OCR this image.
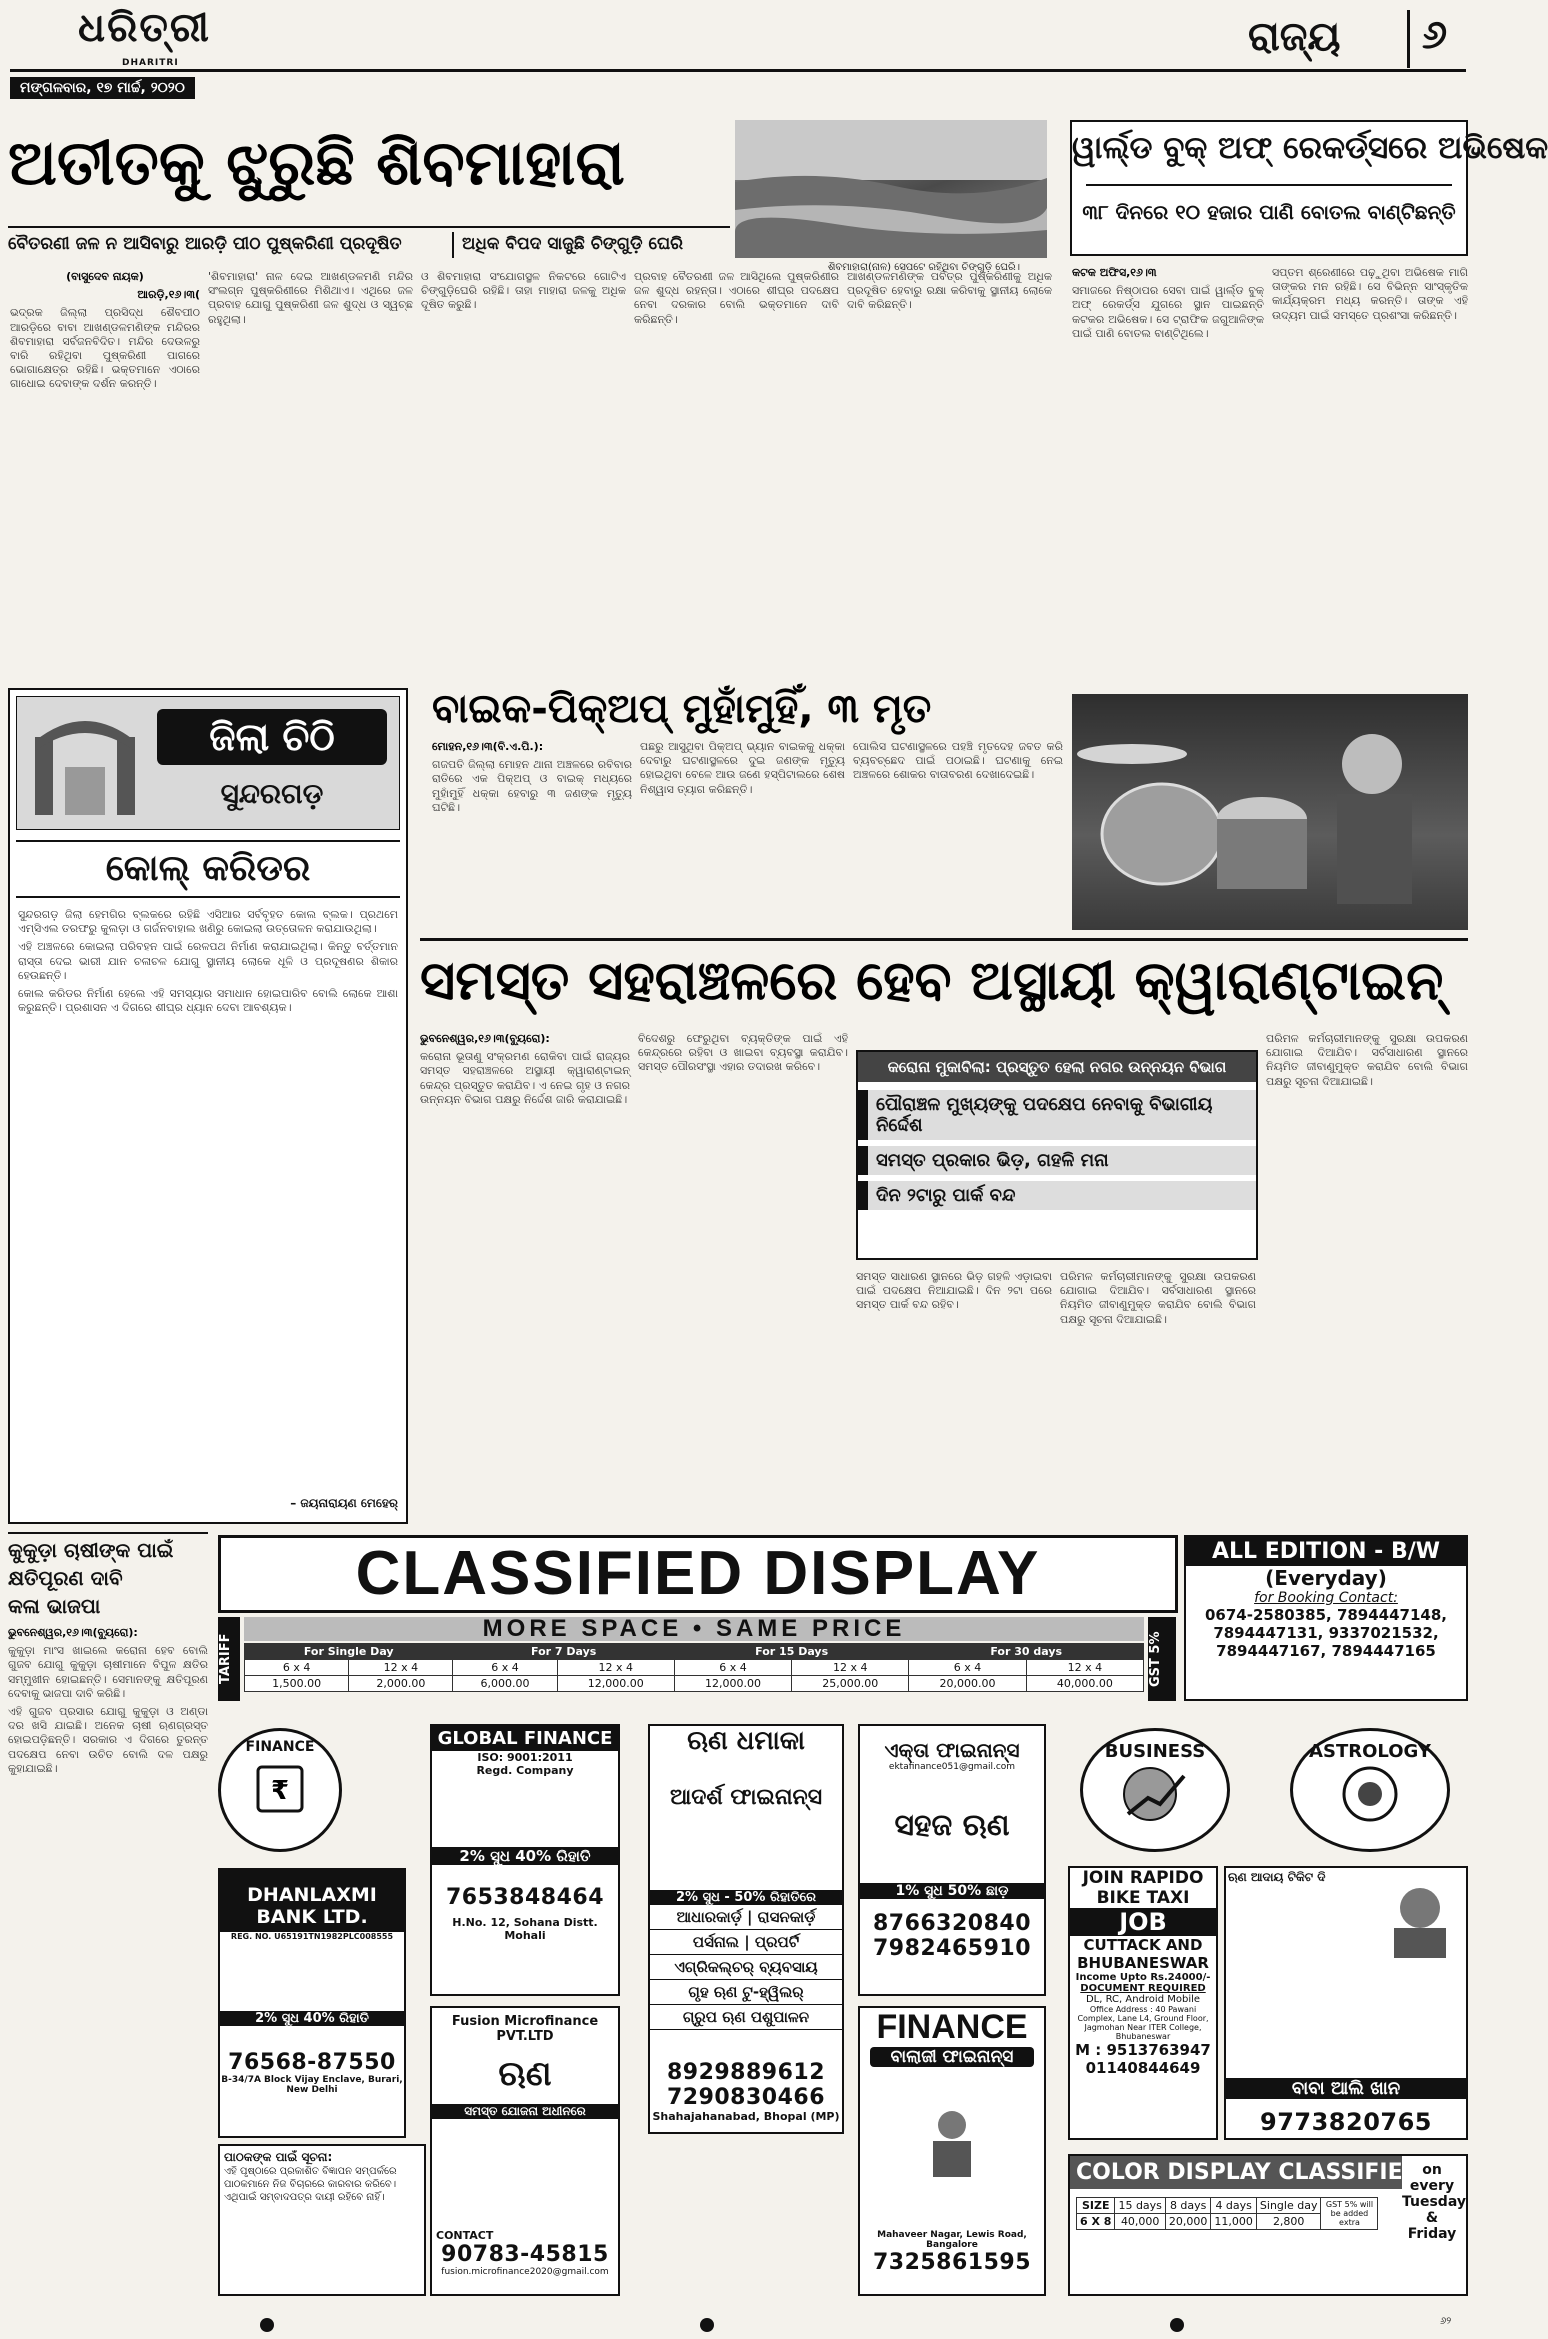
ଧରିତ୍ରୀ
DHARITRI
ମଙ୍ଗଳବାର, ୧୭ ମାର୍ଚ୍ଚ, ୨୦୨୦
ରାଜ୍ୟ ୬
ଅତୀତକୁ ଝୁରୁଛି ଶିବମାହାରା
ଶିବମାହାରା(ନାଳ) ସେପଟେ ରହିଥିବା ଚିଙ୍ଗୁଡ଼ି ଘେରି।
ବୈତରଣୀ ଜଳ ନ ଆସିବାରୁ ଆରଡ଼ି ପୀଠ ପୁଷ୍କରିଣୀ ପ୍ରଦୂଷିତ	ଅଧିକ ବିପଦ ସାଜୁଛି ଚିଙ୍ଗୁଡ଼ି ଘେରି

(ବାସୁଦେବ ନାୟକ)

ଆରଡ଼ି,୧୬।୩(

ଭଦ୍ରକ ଜିଲ୍ଲା ପ୍ରସିଦ୍ଧ ଶୈବପୀଠ ଆରଡ଼ିରେ ବାବା ଆଖଣ୍ଡଳମଣିଙ୍କ ମନ୍ଦିରର ଶିବମାହାରା ସର୍ବଜନବିଦିତ। ମନ୍ଦିର ଦେଉଳରୁ ବାରି ରହିଥିବା ପୁଷ୍କରିଣୀ ପାଗରେ ଭୋଗାକ୍ଷେତ୍ର ରହିଛି। ଭକ୍ତମାନେ ଏଠାରେ ଗାଧୋଇ ଦେବାଙ୍କ ଦର୍ଶନ କରନ୍ତି।

'ଶିବମାହାରା' ନାଳ ଦେଇ ଆଖଣ୍ଡଳମଣି ମନ୍ଦିର ସଂଲଗ୍ନ ପୁଷ୍କରିଣୀରେ ମିଶିଥାଏ। ଏଥିରେ ଜଳ ପ୍ରବାହ ଯୋଗୁ ପୁଷ୍କରିଣୀ ଜଳ ଶୁଦ୍ଧ ଓ ସ୍ୱଚ୍ଛ ରହୁଥିଲା।

ଓ ଶିବମାହାରା ସଂଯୋଗସ୍ଥଳ ନିକଟରେ ଗୋଟିଏ ଚିଙ୍ଗୁଡ଼ିଘେରି ରହିଛି। ତାହା ମାହାରା ଜଳକୁ ଅଧିକ ଦୂଷିତ କରୁଛି।

ପ୍ରବାହ ବୈତରଣୀ ଜଳ ଆସିଥିଲେ ପୁଷ୍କରିଣୀର ଜଳ ଶୁଦ୍ଧ ରହନ୍ତା। ଏଠାରେ ଶୀଘ୍ର ପଦକ୍ଷେପ ନେବା ଦରକାର ବୋଲି ଭକ୍ତମାନେ ଦାବି କରିଛନ୍ତି।

ଆଖଣ୍ଡଳମଣିଙ୍କ ପବିତ୍ର ପୁଷ୍କରିଣୀକୁ ଅଧିକ ପ୍ରଦୂଷିତ ହେବାରୁ ରକ୍ଷା କରିବାକୁ ସ୍ଥାନୀୟ ଲୋକେ ଦାବି କରିଛନ୍ତି।

ୱାର୍ଲ୍ଡ ବୁକ୍ ଅଫ୍ ରେକର୍ଡ୍ସରେ ଅଭିଷେକ
୩୮ ଦିନରେ ୧୦ ହଜାର ପାଣି ବୋତଲ ବାଣ୍ଟିଛନ୍ତି

କଟକ ଅଫିସ,୧୬।୩

ସମାଜରେ ନିଷ୍ଠାପର ସେବା ପାଇଁ ୱାର୍ଲ୍ଡ ବୁକ୍ ଅଫ୍ ରେକର୍ଡ୍ସ ଯୁଗରେ ସ୍ଥାନ ପାଇଛନ୍ତି କଟକର ଅଭିଷେକ। ସେ ଟ୍ରାଫିକ ଜଗୁଆଳିଙ୍କ ପାଇଁ ପାଣି ବୋତଲ ବାଣ୍ଟିଥିଲେ।

ସପ୍ତମ ଶ୍ରେଣୀରେ ପଢ଼ୁଥିବା ଅଭିଷେକ ମାଗି ତାଙ୍କର ମନ ରହିଛି। ସେ ବିଭିନ୍ନ ସାଂସ୍କୃତିକ କାର୍ଯ୍ୟକ୍ରମ ମଧ୍ୟ କରନ୍ତି। ତାଙ୍କ ଏହି ଉଦ୍ୟମ ପାଇଁ ସମସ୍ତେ ପ୍ରଶଂସା କରିଛନ୍ତି।

ବାଇକ-ପିକ୍‌ଅପ୍ ମୁହାଁମୁହିଁ, ୩ ମୃତ

ମୋହନ,୧୬।୩(ବି.ଏ.ପି.):

ଗଜପତି ଜିଲ୍ଲା ମୋହନ ଥାନା ଅଞ୍ଚଳରେ ରବିବାର ରାତିରେ ଏକ ପିକ୍‌ଅପ୍ ଓ ବାଇକ୍ ମଧ୍ୟରେ ମୁହାଁମୁହିଁ ଧକ୍କା ହେବାରୁ ୩ ଜଣଙ୍କ ମୃତ୍ୟୁ ଘଟିଛି।

ପଛରୁ ଆସୁଥିବା ପିକ୍‌ଅପ୍ ଭ୍ୟାନ ବାଇକକୁ ଧକ୍କା ଦେବାରୁ ଘଟଣାସ୍ଥଳରେ ଦୁଇ ଜଣଙ୍କ ମୃତ୍ୟୁ ହୋଇଥିବା ବେଳେ ଆଉ ଜଣେ ହସ୍ପିଟାଲରେ ଶେଷ ନିଶ୍ୱାସ ତ୍ୟାଗ କରିଛନ୍ତି।

ପୋଲିସ ଘଟଣାସ୍ଥଳରେ ପହଞ୍ଚି ମୃତଦେହ ଜବତ କରି ବ୍ୟବଚ୍ଛେଦ ପାଇଁ ପଠାଇଛି। ଘଟଣାକୁ ନେଇ ଅଞ୍ଚଳରେ ଶୋକର ବାତାବରଣ ଦେଖାଦେଇଛି।

ଜିଲା ଚିଠି
ସୁନ୍ଦରଗଡ଼
କୋଲ୍ କରିଡର

ସୁନ୍ଦରଗଡ଼ ଜିଲା ହେମଗିର ବ୍ଲକରେ ରହିଛି ଏସିଆର ସର୍ବବୃହତ କୋଲ ବ୍ଲକ। ପ୍ରଥମେ ଏମ୍‌ସିଏଲ ତରଫରୁ କୁଲଡ଼ା ଓ ଗର୍ଜନବାହାଲ ଖଣିରୁ କୋଇଲା ଉତ୍ତୋଳନ କରାଯାଉଥିଲା।

ଏହି ଅଞ୍ଚଳରେ କୋଇଲା ପରିବହନ ପାଇଁ ରେଳପଥ ନିର୍ମାଣ କରାଯାଇଥିଲା। କିନ୍ତୁ ବର୍ତ୍ତମାନ ରାସ୍ତା ଦେଇ ଭାରୀ ଯାନ ଚଳାଚଳ ଯୋଗୁ ସ୍ଥାନୀୟ ଲୋକେ ଧୂଳି ଓ ପ୍ରଦୂଷଣର ଶିକାର ହେଉଛନ୍ତି।

କୋଲ କରିଡର ନିର୍ମାଣ ହେଲେ ଏହି ସମସ୍ୟାର ସମାଧାନ ହୋଇପାରିବ ବୋଲି ଲୋକେ ଆଶା କରୁଛନ୍ତି। ପ୍ରଶାସନ ଏ ଦିଗରେ ଶୀଘ୍ର ଧ୍ୟାନ ଦେବା ଆବଶ୍ୟକ।

– ଜୟନାରାୟଣ ମେହେର୍
ସମସ୍ତ ସହରାଞ୍ଚଳରେ ହେବ ଅସ୍ଥାୟୀ କ୍ୱାରାଣ୍ଟାଇନ୍

ଭୁବନେଶ୍ୱର,୧୬।୩(ବ୍ୟୁରୋ):

କରୋନା ଭୂତାଣୁ ସଂକ୍ରମଣ ରୋକିବା ପାଇଁ ରାଜ୍ୟର ସମସ୍ତ ସହରାଞ୍ଚଳରେ ଅସ୍ଥାୟୀ କ୍ୱାରାଣ୍ଟାଇନ୍ କେନ୍ଦ୍ର ପ୍ରସ୍ତୁତ କରାଯିବ। ଏ ନେଇ ଗୃହ ଓ ନଗର ଉନ୍ନୟନ ବିଭାଗ ପକ୍ଷରୁ ନିର୍ଦ୍ଦେଶ ଜାରି କରାଯାଇଛି।

ବିଦେଶରୁ ଫେରୁଥିବା ବ୍ୟକ୍ତିଙ୍କ ପାଇଁ ଏହି କେନ୍ଦ୍ରରେ ରହିବା ଓ ଖାଇବା ବ୍ୟବସ୍ଥା କରାଯିବ। ସମସ୍ତ ପୌରସଂସ୍ଥା ଏହାର ତଦାରଖ କରିବେ।	କରୋନା ମୁକାବିଲା: ପ୍ରସ୍ତୁତ ହେଲା ନଗର ଉନ୍ନୟନ ବିଭାଗ
ପୌରାଞ୍ଚଳ ମୁଖ୍ୟଙ୍କୁ ପଦକ୍ଷେପ ନେବାକୁ ବିଭାଗୀୟ ନିର୍ଦ୍ଦେଶ
ସମସ୍ତ ପ୍ରକାର ଭିଡ଼, ଗହଳି ମନା
ଦିନ ୨ଟାରୁ ପାର୍କ ବନ୍ଦ

ସମସ୍ତ ସାଧାରଣ ସ୍ଥାନରେ ଭିଡ଼ ଗହଳି ଏଡ଼ାଇବା ପାଇଁ ପଦକ୍ଷେପ ନିଆଯାଇଛି। ଦିନ ୨ଟା ପରେ ସମସ୍ତ ପାର୍କ ବନ୍ଦ ରହିବ।

ପରିମଳ କର୍ମଚାରୀମାନଙ୍କୁ ସୁରକ୍ଷା ଉପକରଣ ଯୋଗାଇ ଦିଆଯିବ। ସର୍ବସାଧାରଣ ସ୍ଥାନରେ ନିୟମିତ ଜୀବାଣୁମୁକ୍ତ କରାଯିବ ବୋଲି ବିଭାଗ ପକ୍ଷରୁ ସୂଚନା ଦିଆଯାଇଛି।

ପରିମଳ କର୍ମଚାରୀମାନଙ୍କୁ ସୁରକ୍ଷା ଉପକରଣ ଯୋଗାଇ ଦିଆଯିବ। ସର୍ବସାଧାରଣ ସ୍ଥାନରେ ନିୟମିତ ଜୀବାଣୁମୁକ୍ତ କରାଯିବ ବୋଲି ବିଭାଗ ପକ୍ଷରୁ ସୂଚନା ଦିଆଯାଇଛି।

କୁକୁଡ଼ା ଚାଷୀଙ୍କ ପାଇଁ
କ୍ଷତିପୂରଣ ଦାବି
କଳା ଭାଜପା

ଭୁବନେଶ୍ୱର,୧୬।୩(ବ୍ୟୁରୋ):

କୁକୁଡ଼ା ମାଂସ ଖାଇଲେ କରୋନା ହେବ ବୋଲି ଗୁଜବ ଯୋଗୁ କୁକୁଡ଼ା ଚାଷୀମାନେ ବିପୁଳ କ୍ଷତିର ସମ୍ମୁଖୀନ ହୋଇଛନ୍ତି। ସେମାନଙ୍କୁ କ୍ଷତିପୂରଣ ଦେବାକୁ ଭାଜପା ଦାବି କରିଛି।

ଏହି ଗୁଜବ ପ୍ରସାର ଯୋଗୁ କୁକୁଡ଼ା ଓ ଅଣ୍ଡା ଦର ଖସି ଯାଇଛି। ଅନେକ ଚାଷୀ ଋଣଗ୍ରସ୍ତ ହୋଇପଡ଼ିଛନ୍ତି। ସରକାର ଏ ଦିଗରେ ତୁରନ୍ତ ପଦକ୍ଷେପ ନେବା ଉଚିତ ବୋଲି ଦଳ ପକ୍ଷରୁ କୁହାଯାଇଛି।

CLASSIFIED DISPLAY
TARIFF
MORE SPACE • SAME PRICE
GST 5%
For Single Day		For 7 Days		For 15 Days		For 30 days	
6 x 4	12 x 4	6 x 4	12 x 4	6 x 4	12 x 4	6 x 4	12 x 4
1,500.00	2,000.00	6,000.00	12,000.00	12,000.00	25,000.00	20,000.00	40,000.00
ALL EDITION - B/W
(Everyday)
for Booking Contact:
0674-2580385, 7894447148,
7894447131, 9337021532,
7894447167, 7894447165
FINANCE
₹
BUSINESS	ASTROLOGY
GLOBAL FINANCE
ISO: 9001:2011
Regd. Company
2% ସୁଧ 40% ରିହାତି
7653848464
H.No. 12, Sohana Distt. Mohali
ଋଣ ଧମାକା
ଆଦର୍ଶ ଫାଇନାନ୍ସ
2% ସୁଧ - 50% ରିହାତିରେ
ଆଧାରକାର୍ଡ଼ | ରାସନକାର୍ଡ଼
ପର୍ସନାଲ | ପ୍ରପର୍ଟି
ଏଗ୍ରିକଲ୍ଚର୍ ବ୍ୟବସାୟ
ଗୃହ ଋଣ ଟୁ-ହ୍ୱିଲର୍
ଗ୍ରୁପ ଋଣ ପଶୁପାଳନ
8929889612
7290830466
Shahajahanabad, Bhopal (MP)
ଏକ୍ତା ଫାଇନାନ୍ସ
ektafinance051@gmail.com
ସହଜ ଋଣ
1% ସୁଧ 50% ଛାଡ଼
8766320840
7982465910
DHANLAXMI BANK LTD.
REG. NO. U65191TN1982PLC008555
2% ସୁଧ 40% ରିହାତି
76568-87550
B-34/7A Block Vijay Enclave, Burari, New Delhi
JOIN RAPIDO
BIKE TAXI
JOB
CUTTACK AND
BHUBANESWAR
Income Upto Rs.24000/-
DOCUMENT REQUIRED
DL, RC, Android Mobile
Office Address : 40 Pawani Complex, Lane L4, Ground Floor, Jagmohan Near ITER College, Bhubaneswar
M : 9513763947
01140844649
ଋଣ ଆଦାୟ ଟିକିଟ ଦି
ବାବା ଆଲି ଖାନ
9773820765
Fusion Microfinance PVT.LTD
ଋଣ
ସମସ୍ତ ଯୋଜନା ଅଧୀନରେ
CONTACT
90783-45815
fusion.microfinance2020@gmail.com
FINANCE
ବାଲାଜୀ ଫାଇନାନ୍ସ
Mahaveer Nagar, Lewis Road, Bangalore
7325861595
ପାଠକଙ୍କ ପାଇଁ ସୂଚନା:
ଏହି ପୃଷ୍ଠାରେ ପ୍ରକାଶିତ ବିଜ୍ଞାପନ ସମ୍ପର୍କରେ ପାଠକମାନେ ନିଜ ବିଚାରରେ କାରବାର କରିବେ। ଏଥିପାଇଁ ସମ୍ବାଦପତ୍ର ଦାୟୀ ରହିବେ ନାହିଁ।
COLOR DISPLAY CLASSIFIED on every Tuesday & Friday
SIZE	15 days	8 days	4 days	Single day	GST 5% will be added extra
6 X 8	40,000	20,000	11,000	2,800	
୬୨
